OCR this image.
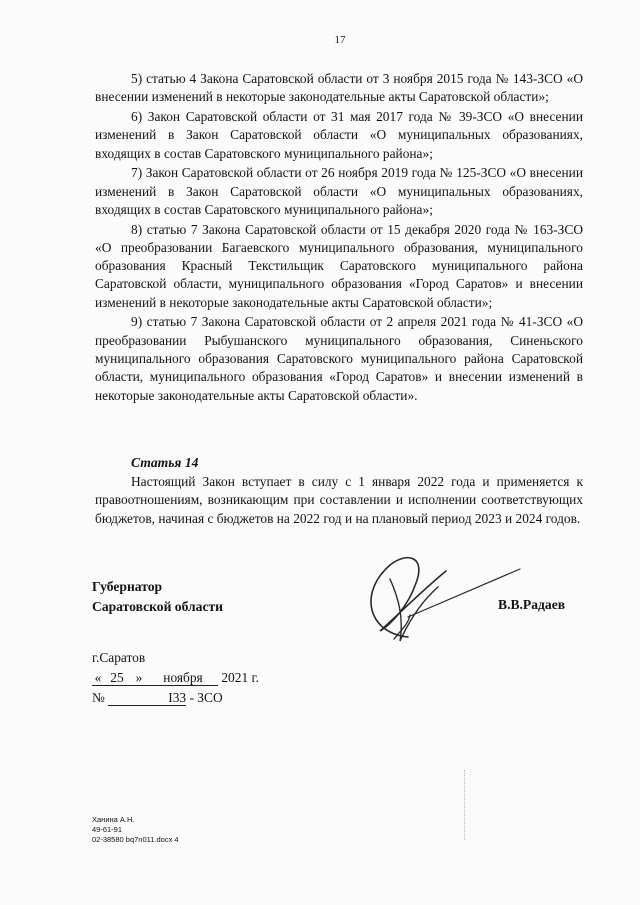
17

5) статью 4 Закона Саратовской области от 3 ноября 2015 года № 143-ЗСО «О внесении изменений в некоторые законодательные акты Саратовской области»;

6) Закон Саратовской области от 31 мая 2017 года № 39-ЗСО «О внесении изменений в Закон Саратовской области «О муниципальных образованиях, входящих в состав Саратовского муниципального района»;

7) Закон Саратовской области от 26 ноября 2019 года № 125-ЗСО «О внесении изменений в Закон Саратовской области «О муниципальных образованиях, входящих в состав Саратовского муниципального района»;

8) статью 7 Закона Саратовской области от 15 декабря 2020 года № 163-ЗСО «О преобразовании Багаевского муниципального образования, муниципального образования Красный Текстильщик Саратовского муниципального района Саратовской области, муниципального образования «Город Саратов» и внесении изменений в некоторые законодательные акты Саратовской области»;

9) статью 7 Закона Саратовской области от 2 апреля 2021 года № 41-ЗСО «О преобразовании Рыбушанского муниципального образования, Синеньского муниципального образования Саратовского муниципального района Саратовской области, муниципального образования «Город Саратов» и внесении изменений в некоторые законодательные акты Саратовской области».

Статья 14

Настоящий Закон вступает в силу с 1 января 2022 года и применяется к правоотношениям, возникающим при составлении и исполнении соответствующих бюджетов, начиная с бюджетов на 2022 год и на плановый период 2023 и 2024 годов.

Губернатор
Саратовской области	В.В.Радаев
г.Саратов
« 25 » ноября 2021 г.
№	I33 - ЗСО
Ханина А.Н.
49-61-91
02-38580 bq7n011.docx 4
